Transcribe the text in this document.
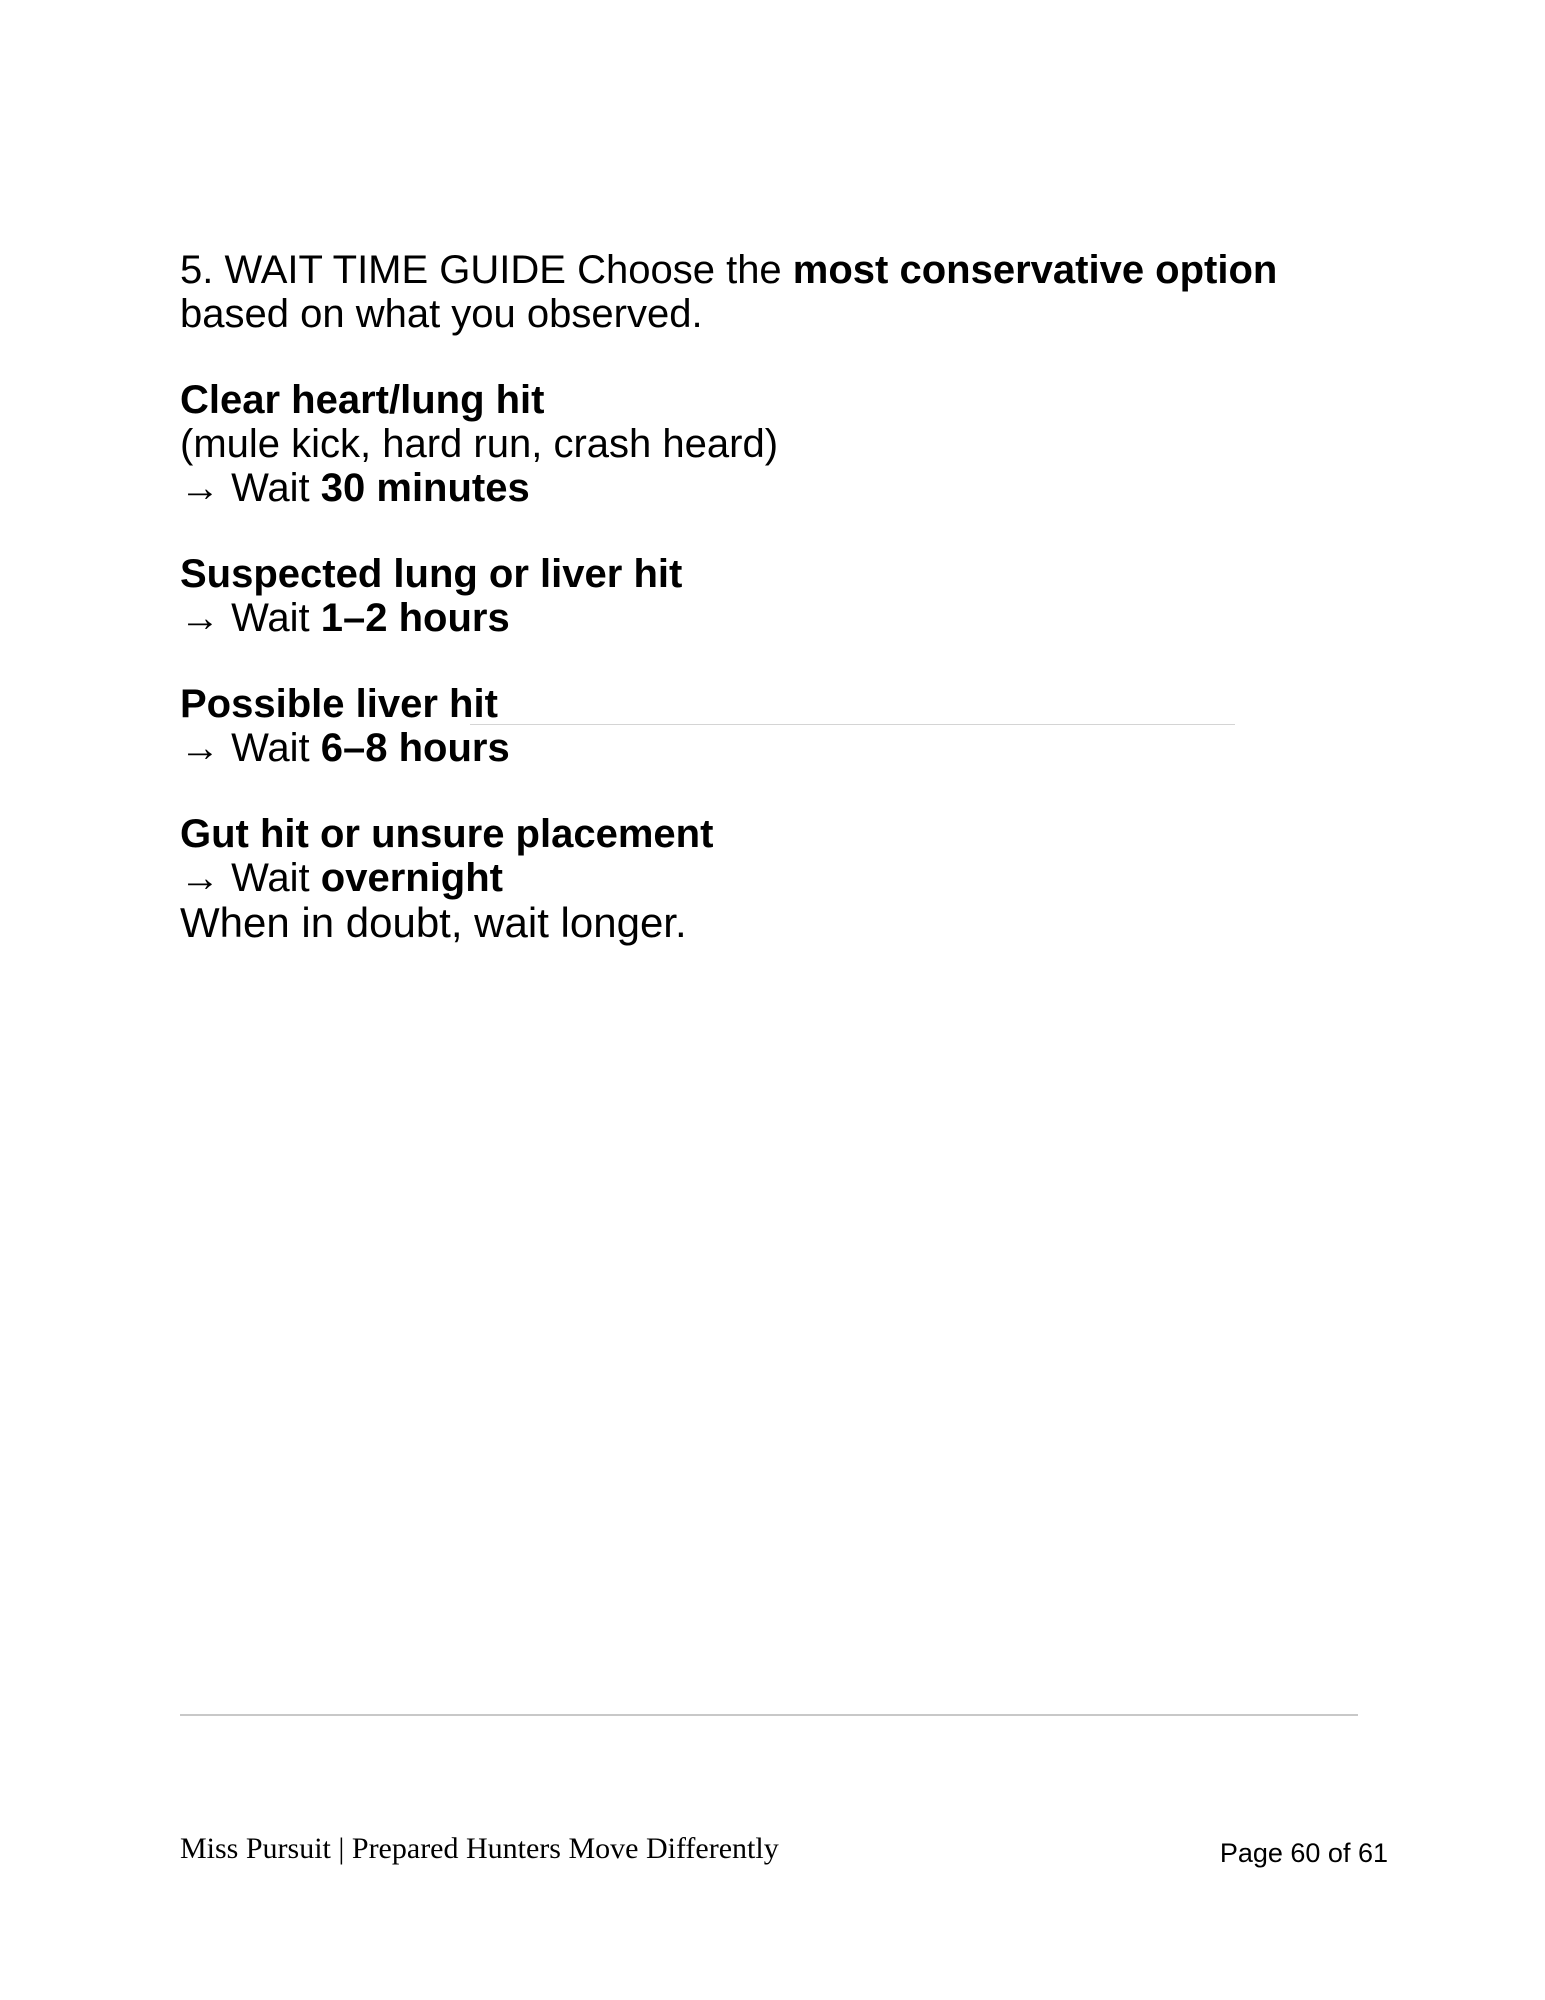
5. WAIT TIME GUIDE Choose the most conservative option
based on what you observed.

Clear heart/lung hit

(mule kick, hard run, crash heard)

→ Wait 30 minutes

Suspected lung or liver hit

→ Wait 1–2 hours

Possible liver hit

→ Wait 6–8 hours

Gut hit or unsure placement

→ Wait overnight

When in doubt, wait longer.

Miss Pursuit | Prepared Hunters Move Differently	Page 60 of 61
